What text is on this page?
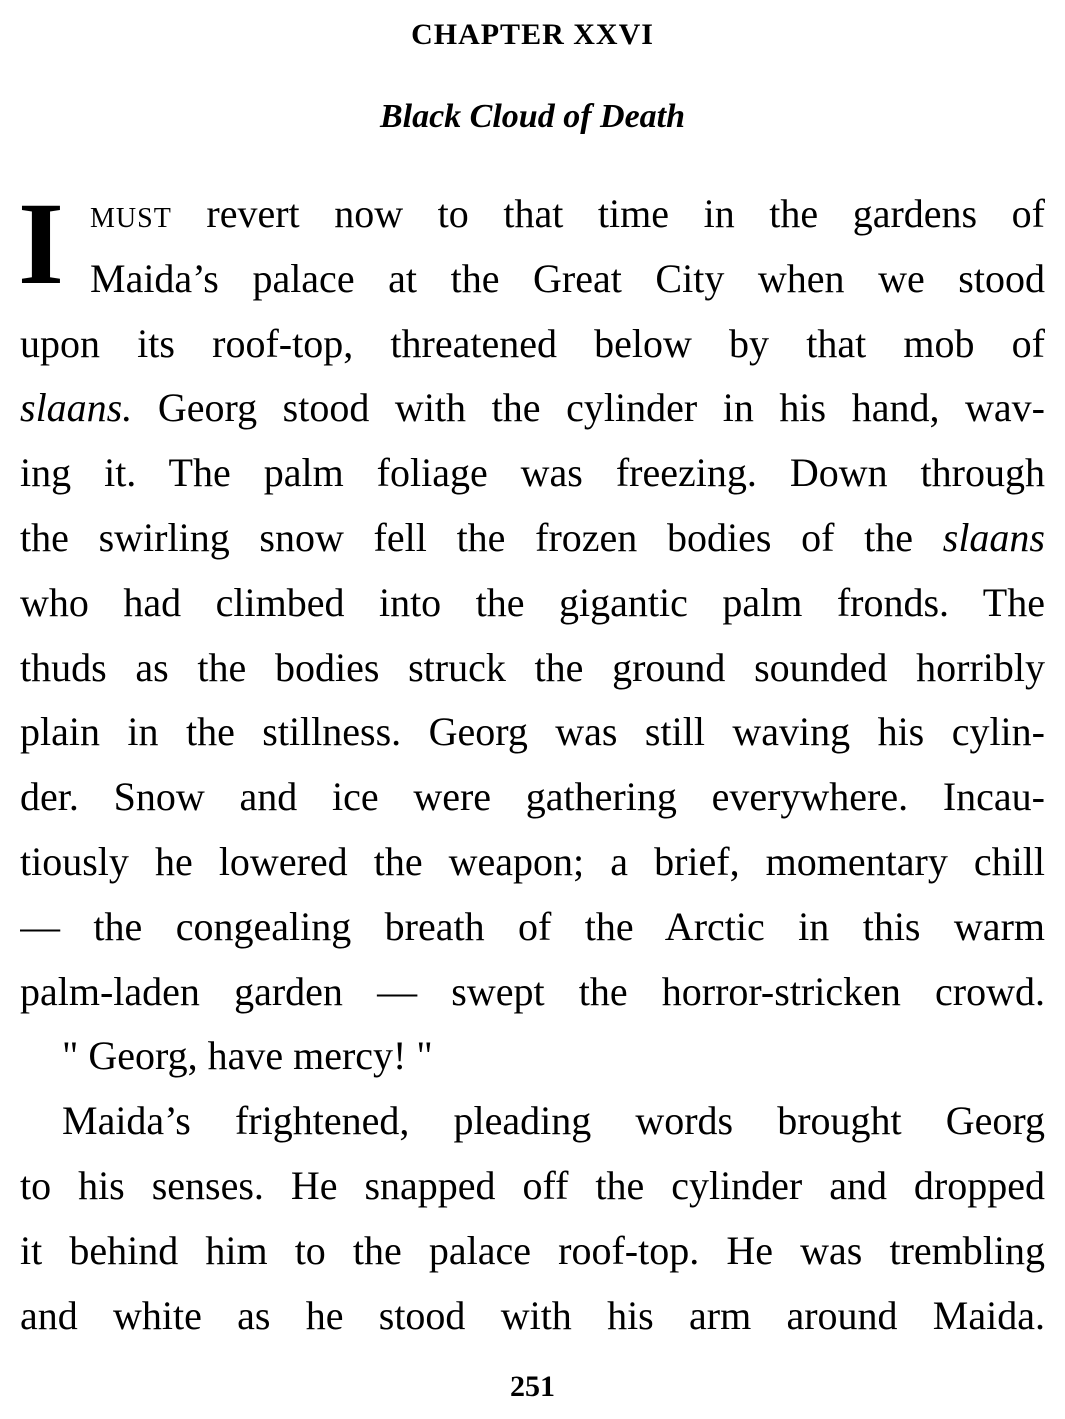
CHAPTER XXVI
Black Cloud of Death
I must revert now to that time in the gardens of
Maida’s palace at the Great City when we stood
upon its roof-top, threatened below by that mob of
slaans. Georg stood with the cylinder in his hand, wav-
ing it. The palm foliage was freezing. Down through
the swirling snow fell the frozen bodies of the slaans
who had climbed into the gigantic palm fronds. The
thuds as the bodies struck the ground sounded horribly
plain in the stillness. Georg was still waving his cylin-
der. Snow and ice were gathering everywhere. Incau-
tiously he lowered the weapon; a brief, momentary chill
— the congealing breath of the Arctic in this warm
palm-laden garden — swept the horror-stricken crowd.
" Georg, have mercy! "
Maida’s frightened, pleading words brought Georg
to his senses. He snapped off the cylinder and dropped
it behind him to the palace roof-top. He was trembling
and white as he stood with his arm around Maida.
251
